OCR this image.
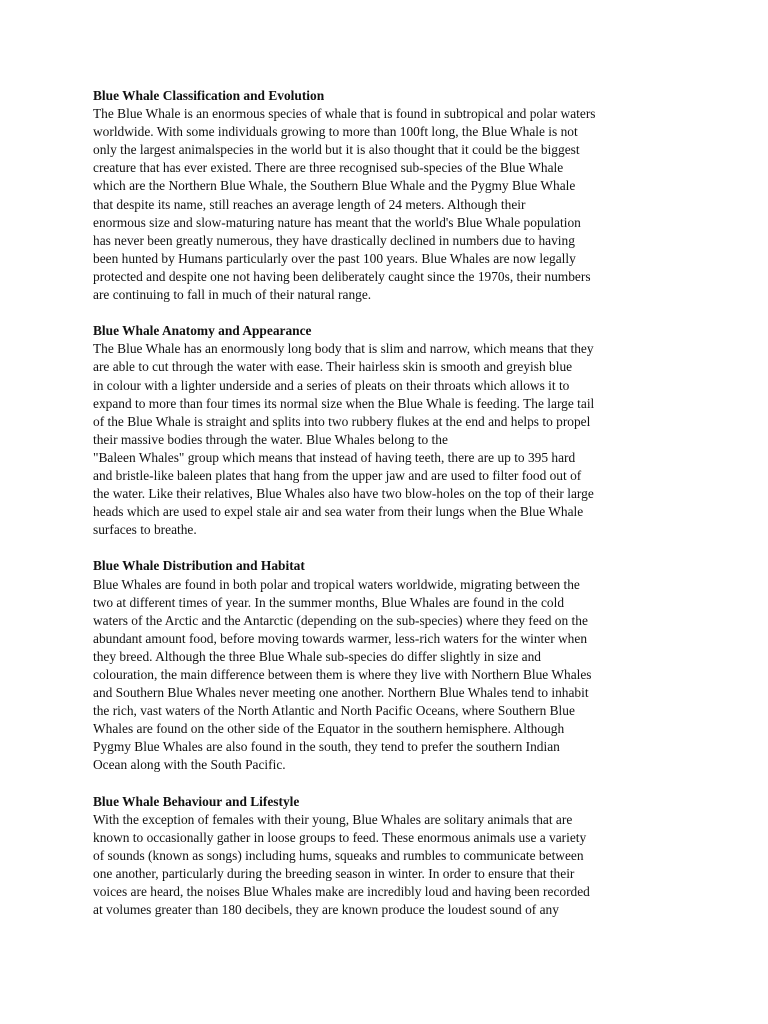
Blue Whale Classification and Evolution
The Blue Whale is an enormous species of whale that is found in subtropical and polar waters
worldwide. With some individuals growing to more than 100ft long, the Blue Whale is not
only the largest animalspecies in the world but it is also thought that it could be the biggest
creature that has ever existed. There are three recognised sub-species of the Blue Whale
which are the Northern Blue Whale, the Southern Blue Whale and the Pygmy Blue Whale
that despite its name, still reaches an average length of 24 meters. Although their
enormous size and slow-maturing nature has meant that the world's Blue Whale population
has never been greatly numerous, they have drastically declined in numbers due to having
been hunted by Humans particularly over the past 100 years. Blue Whales are now legally
protected and despite one not having been deliberately caught since the 1970s, their numbers
are continuing to fall in much of their natural range.
Blue Whale Anatomy and Appearance
The Blue Whale has an enormously long body that is slim and narrow, which means that they
are able to cut through the water with ease. Their hairless skin is smooth and greyish blue
in colour with a lighter underside and a series of pleats on their throats which allows it to
expand to more than four times its normal size when the Blue Whale is feeding. The large tail
of the Blue Whale is straight and splits into two rubbery flukes at the end and helps to propel
their massive bodies through the water. Blue Whales belong to the
"Baleen Whales" group which means that instead of having teeth, there are up to 395 hard
and bristle-like baleen plates that hang from the upper jaw and are used to filter food out of
the water. Like their relatives, Blue Whales also have two blow-holes on the top of their large
heads which are used to expel stale air and sea water from their lungs when the Blue Whale
surfaces to breathe.
Blue Whale Distribution and Habitat
Blue Whales are found in both polar and tropical waters worldwide, migrating between the
two at different times of year. In the summer months, Blue Whales are found in the cold
waters of the Arctic and the Antarctic (depending on the sub-species) where they feed on the
abundant amount food, before moving towards warmer, less-rich waters for the winter when
they breed. Although the three Blue Whale sub-species do differ slightly in size and
colouration, the main difference between them is where they live with Northern Blue Whales
and Southern Blue Whales never meeting one another. Northern Blue Whales tend to inhabit
the rich, vast waters of the North Atlantic and North Pacific Oceans, where Southern Blue
Whales are found on the other side of the Equator in the southern hemisphere. Although
Pygmy Blue Whales are also found in the south, they tend to prefer the southern Indian
Ocean along with the South Pacific.
Blue Whale Behaviour and Lifestyle
With the exception of females with their young, Blue Whales are solitary animals that are
known to occasionally gather in loose groups to feed. These enormous animals use a variety
of sounds (known as songs) including hums, squeaks and rumbles to communicate between
one another, particularly during the breeding season in winter. In order to ensure that their
voices are heard, the noises Blue Whales make are incredibly loud and having been recorded
at volumes greater than 180 decibels, they are known produce the loudest sound of any
